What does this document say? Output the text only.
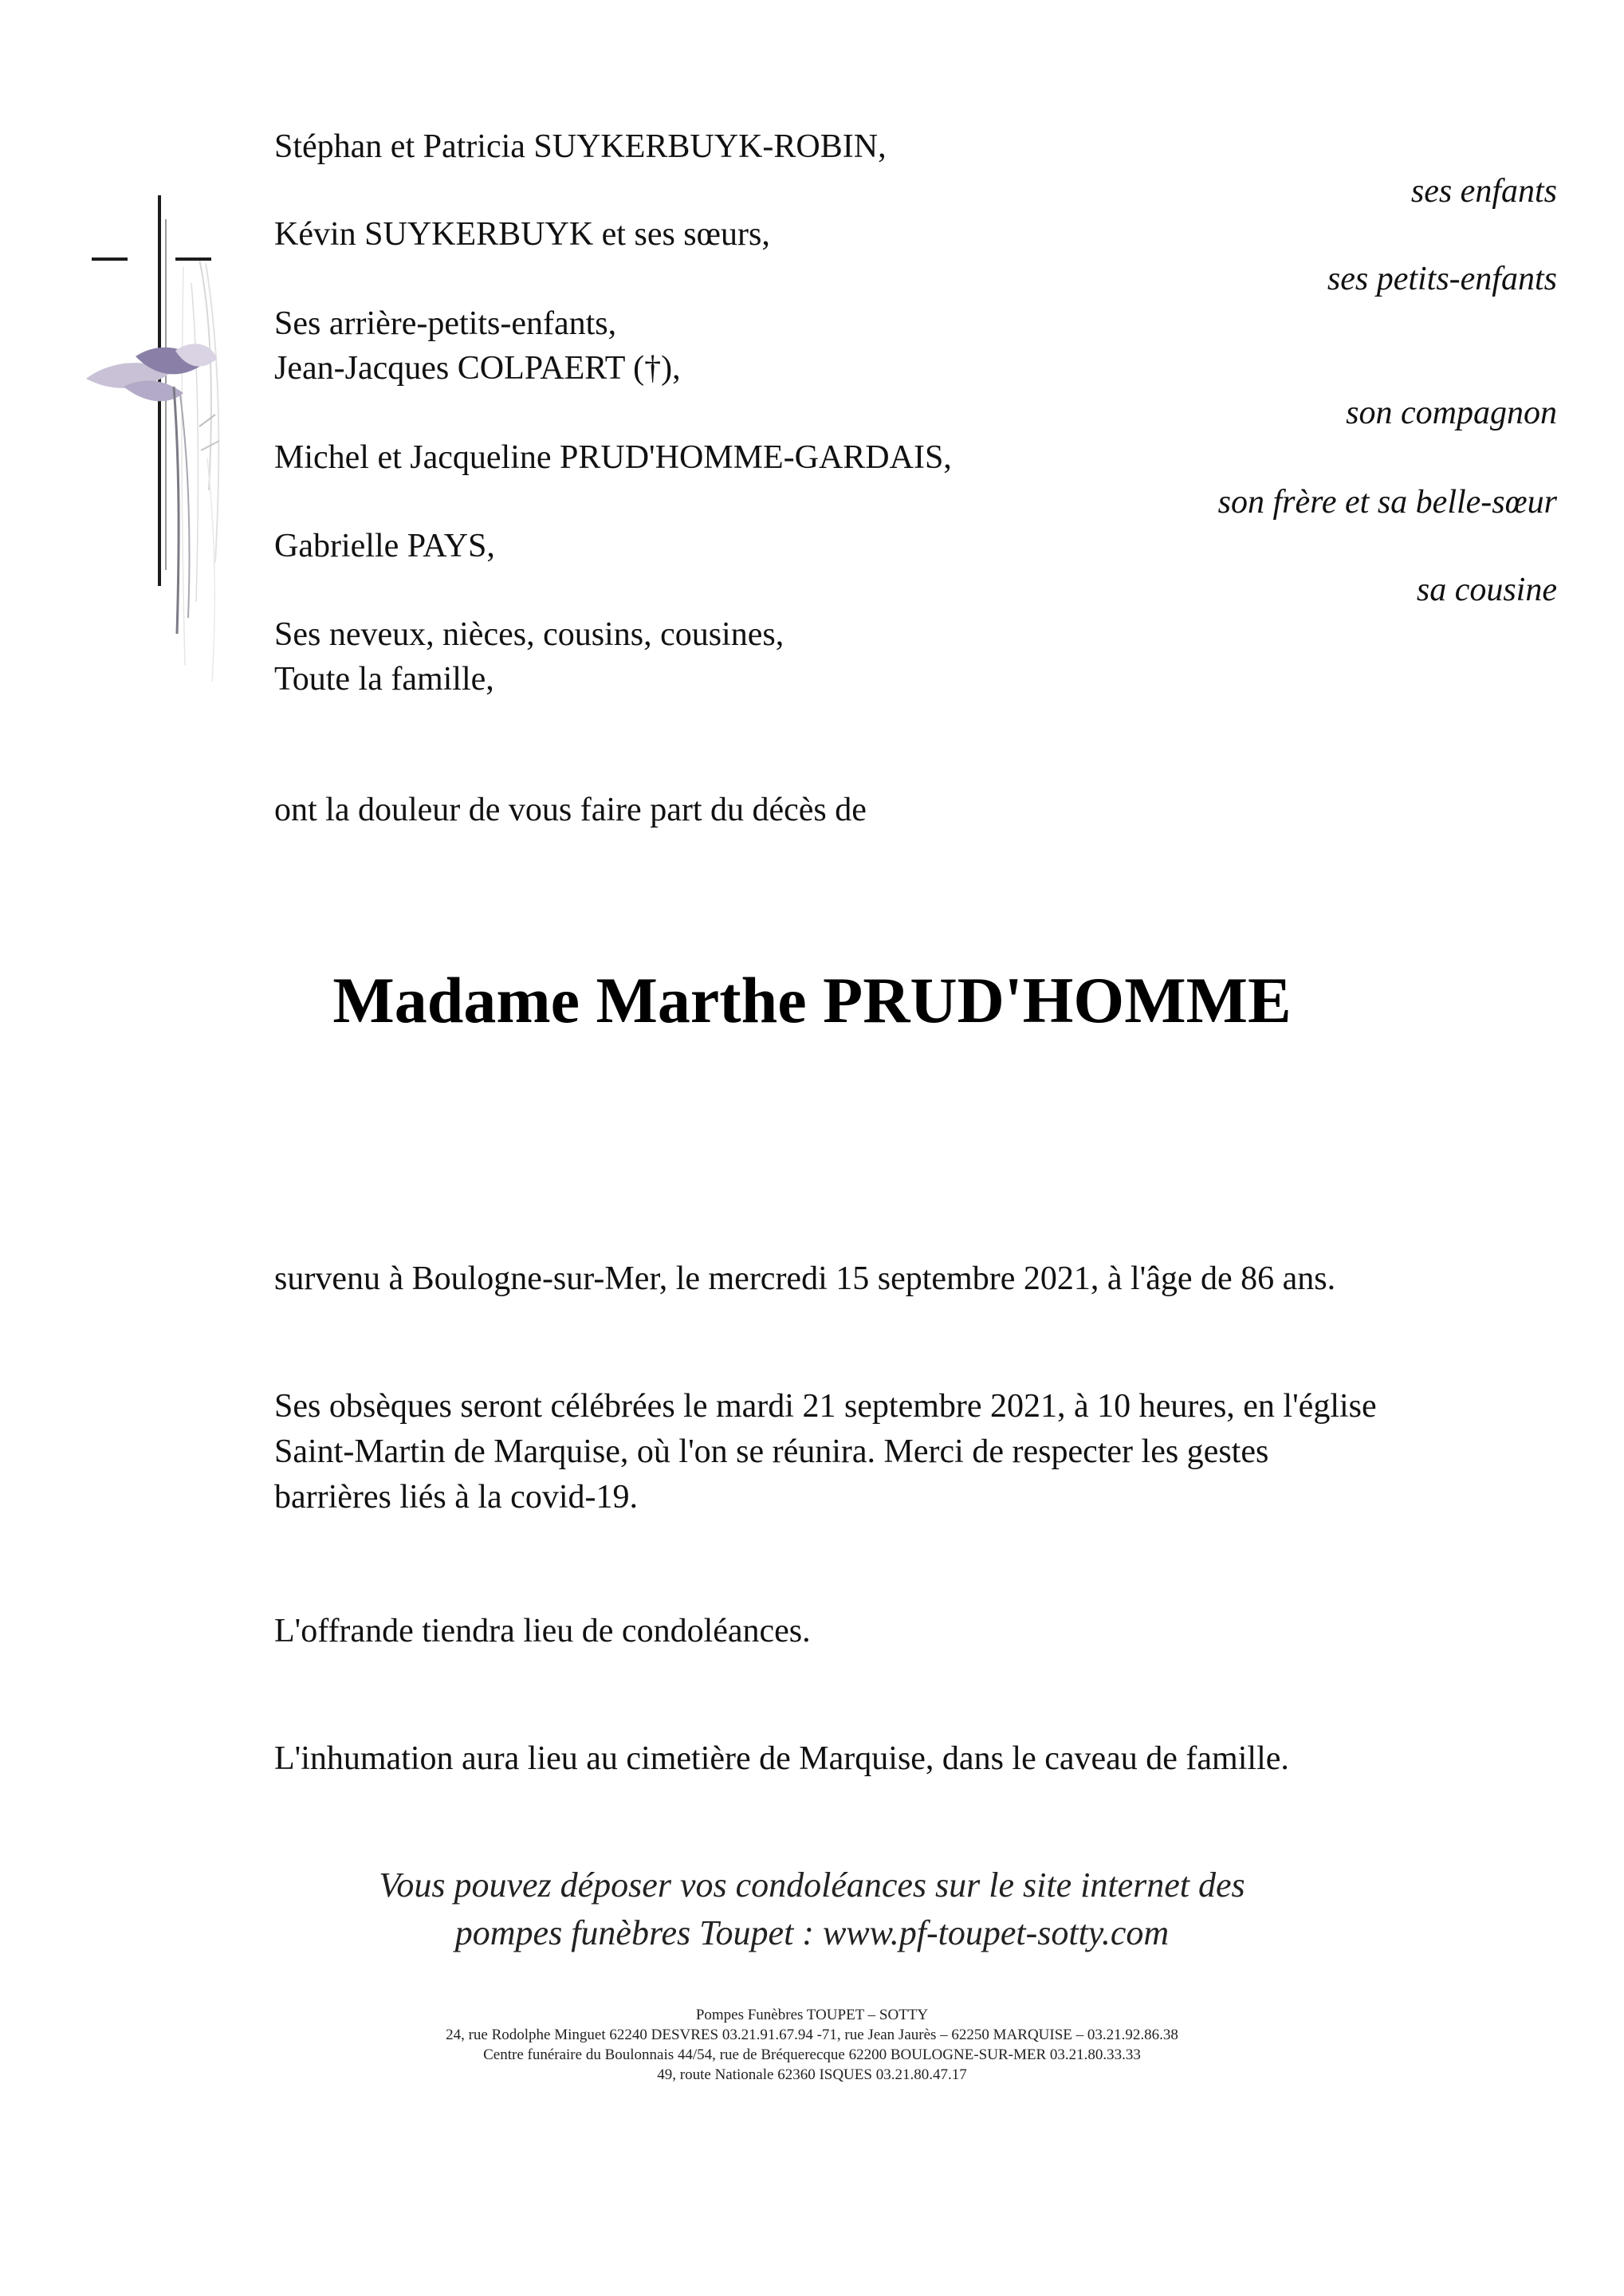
Stéphan et Patricia SUYKERBUYK-ROBIN,
Kévin SUYKERBUYK et ses sœurs,
Ses arrière-petits-enfants,
Jean-Jacques COLPAERT (†),
Michel et Jacqueline PRUD'HOMME-GARDAIS,
Gabrielle PAYS,
Ses neveux, nièces, cousins, cousines,
Toute la famille,
ses enfants
ses petits-enfants
son compagnon
son frère et sa belle-sœur
sa cousine
ont la douleur de vous faire part du décès de
Madame Marthe PRUD'HOMME
survenu à Boulogne-sur-Mer, le mercredi 15 septembre 2021, à l'âge de 86 ans.
Ses obsèques seront célébrées le mardi 21 septembre 2021, à 10 heures, en l'église
Saint-Martin de Marquise, où l'on se réunira. Merci de respecter les gestes
barrières liés à la covid-19.
L'offrande tiendra lieu de condoléances.
L'inhumation aura lieu au cimetière de Marquise, dans le caveau de famille.
Vous pouvez déposer vos condoléances sur le site internet des
pompes funèbres Toupet : www.pf-toupet-sotty.com
Pompes Funèbres TOUPET – SOTTY
24, rue Rodolphe Minguet 62240 DESVRES 03.21.91.67.94 -71, rue Jean Jaurès – 62250 MARQUISE – 03.21.92.86.38
Centre funéraire du Boulonnais 44/54, rue de Bréquerecque 62200 BOULOGNE-SUR-MER 03.21.80.33.33
49, route Nationale 62360 ISQUES 03.21.80.47.17
